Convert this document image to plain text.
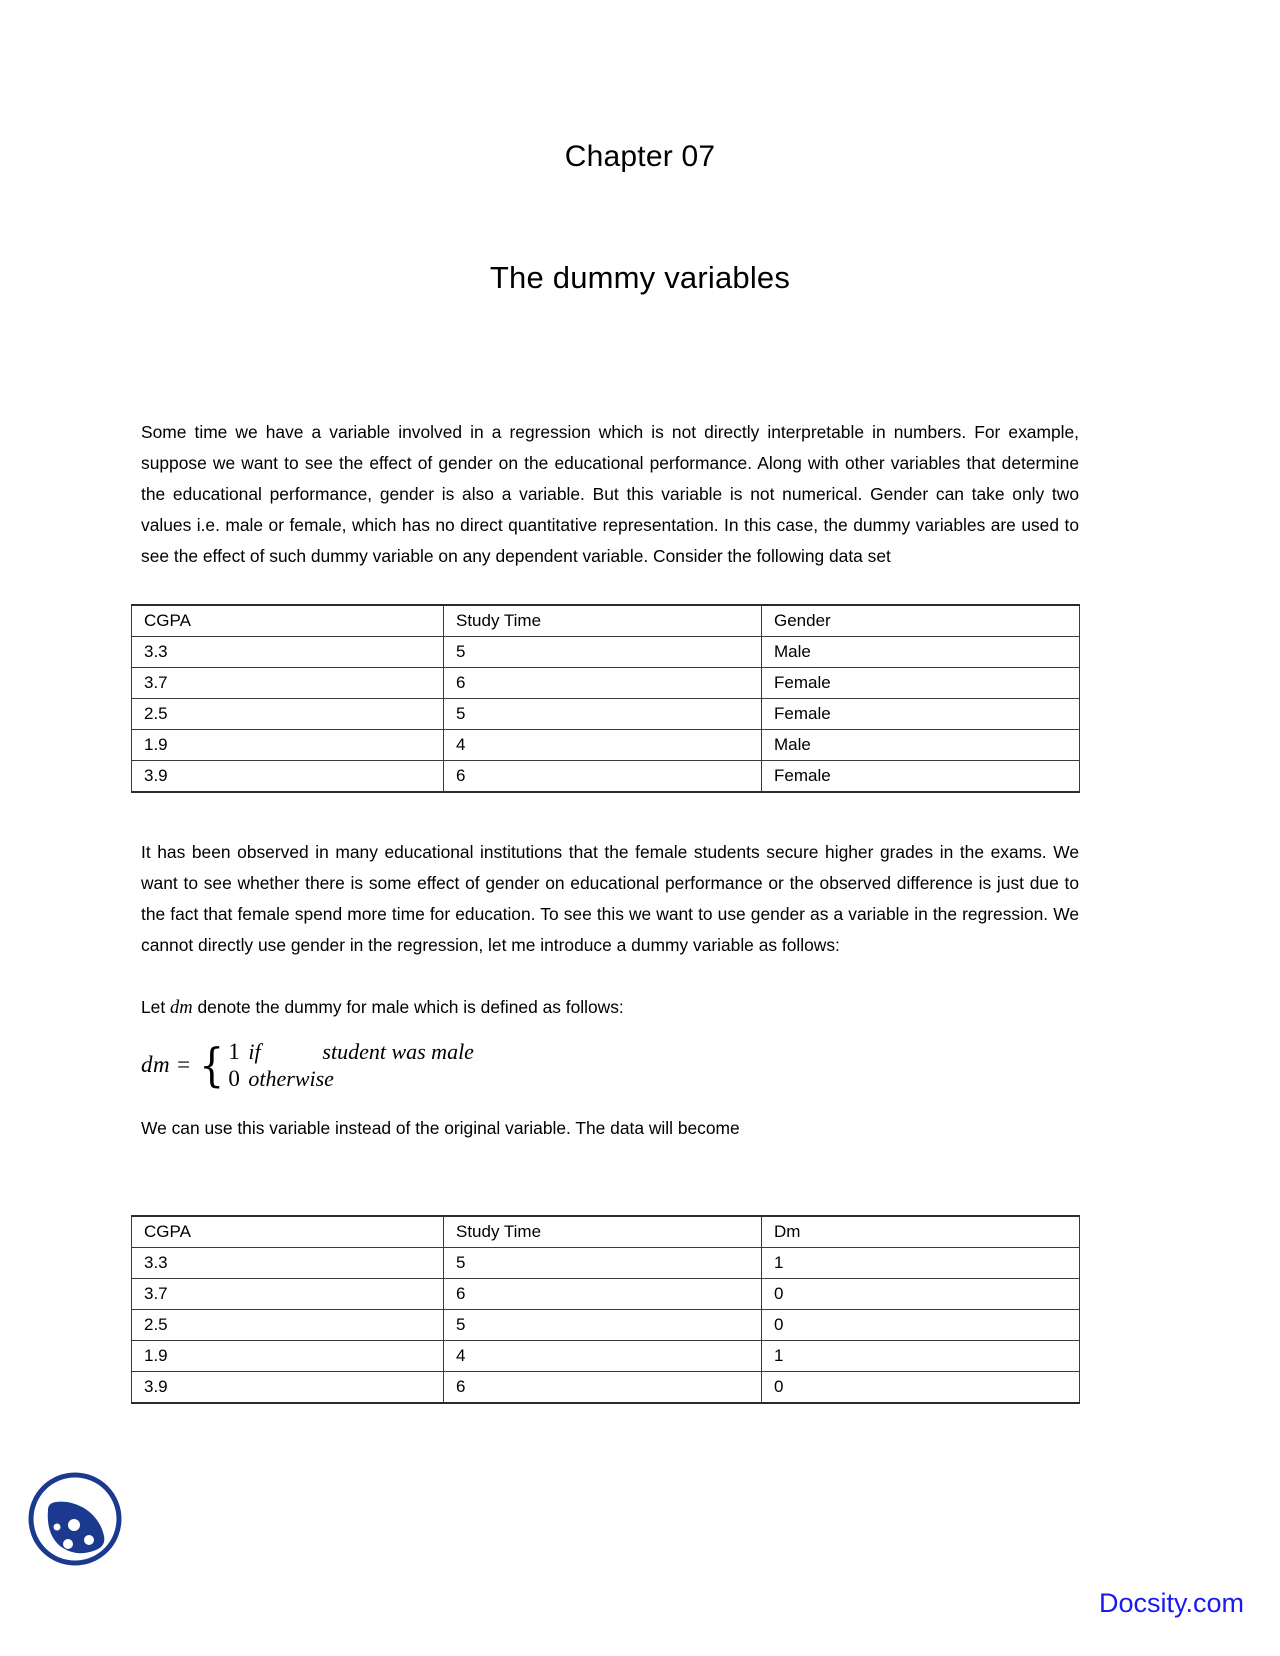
Chapter 07
The dummy variables

Some time we have a variable involved in a regression which is not directly interpretable in numbers. For example, suppose we want to see the effect of gender on the educational performance. Along with other variables that determine the educational performance, gender is also a variable. But this variable is not numerical. Gender can take only two values i.e. male or female, which has no direct quantitative representation. In this case, the dummy variables are used to see the effect of such dummy variable on any dependent variable. Consider the following data set

CGPA	Study Time	Gender
3.3	5	Male
3.7	6	Female
2.5	5	Female
1.9	4	Male
3.9	6	Female

It has been observed in many educational institutions that the female students secure higher grades in the exams. We want to see whether there is some effect of gender on educational performance or the observed difference is just due to the fact that female spend more time for education. To see this we want to use gender as a variable in the regression. We cannot directly use gender in the regression, let me introduce a dummy variable as follows:

Let dm denote the dummy for male which is defined as follows:
dm = { 1 if	student was male
0 otherwise
We can use this variable instead of the original variable. The data will become
CGPA	Study Time	Dm
3.3	5	1
3.7	6	0
2.5	5	0
1.9	4	1
3.9	6	0
Docsity.com
